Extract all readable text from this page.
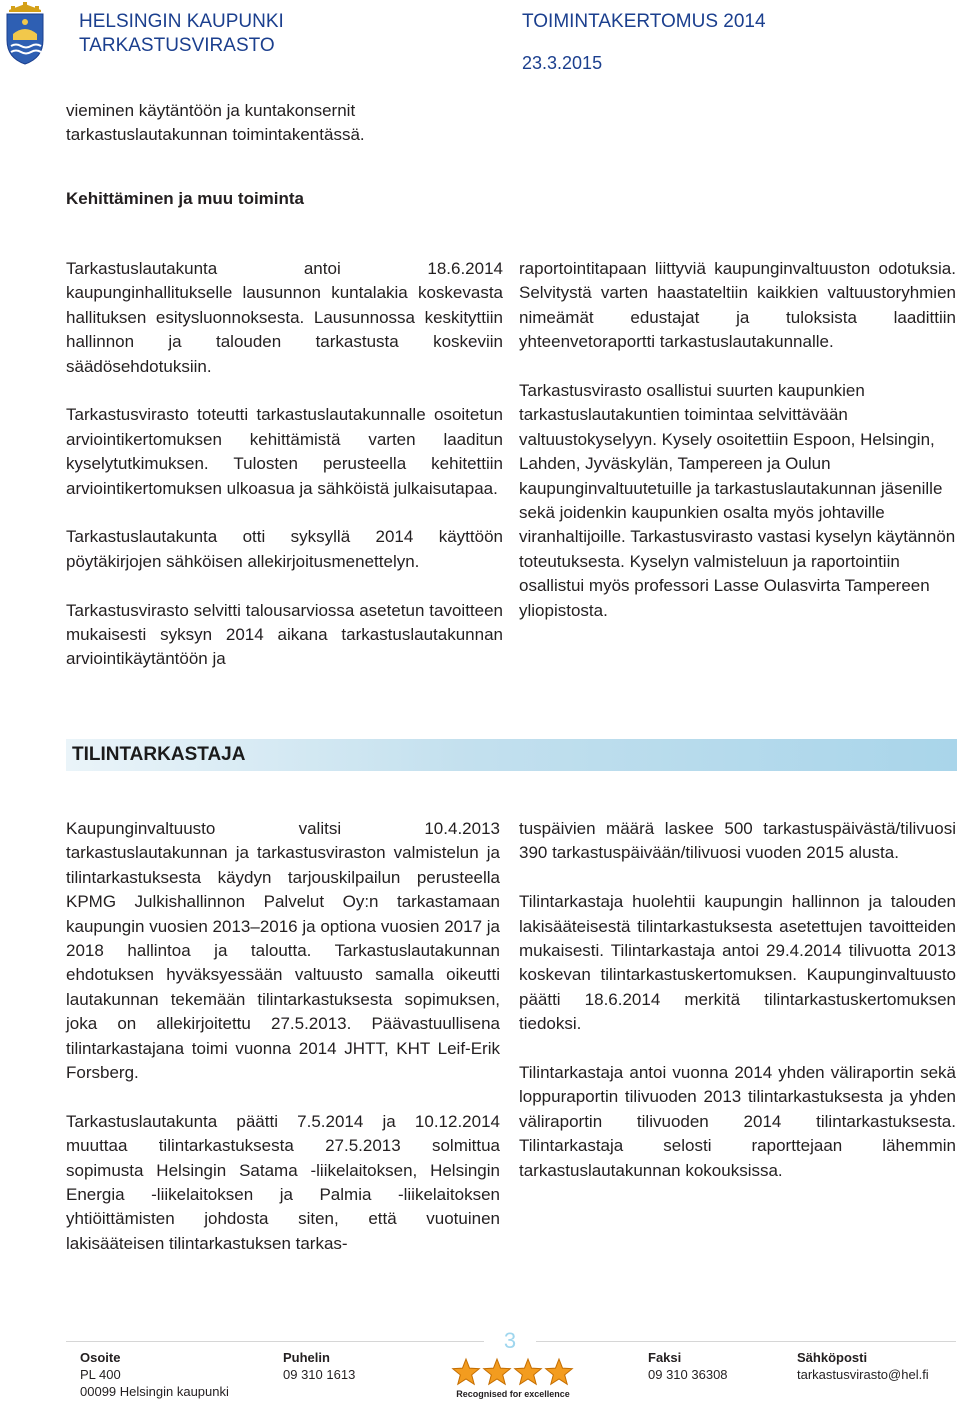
HELSINGIN KAUPUNKI
TARKASTUSVIRASTO
TOIMINTAKERTOMUS 2014
23.3.2015

vieminen käytäntöön ja kuntakonsernit tarkastuslautakunnan toimintakentässä.

Kehittäminen ja muu toiminta

Tarkastuslautakunta antoi 18.6.2014 kaupunginhallitukselle lausunnon kuntalakia koskevasta hallituksen esitysluonnoksesta. Lausunnossa keskityttiin hallinnon ja talouden tarkastusta koskeviin säädösehdotuksiin.

Tarkastusvirasto toteutti tarkastuslautakunnalle osoitetun arviointikertomuksen kehittämistä varten laaditun kyselytutkimuksen. Tulosten perusteella kehitettiin arviointikertomuksen ulkoasua ja sähköistä julkaisutapaa.

Tarkastuslautakunta otti syksyllä 2014 käyttöön pöytäkirjojen sähköisen allekirjoitusmenettelyn.

Tarkastusvirasto selvitti talousarviossa asetetun tavoitteen mukaisesti syksyn 2014 aikana tarkastuslautakunnan arviointikäytäntöön ja

raportointitapaan liittyviä kaupunginvaltuuston odotuksia. Selvitystä varten haastateltiin kaikkien valtuustoryhmien nimeämät edustajat ja tuloksista laadittiin yhteenvetoraportti tarkastuslautakunnalle.

Tarkastusvirasto osallistui suurten kaupunkien tarkastuslautakuntien toimintaa selvittävään valtuustokyselyyn. Kysely osoitettiin Espoon, Helsingin, Lahden, Jyväskylän, Tampereen ja Oulun kaupunginvaltuutetuille ja tarkastuslautakunnan jäsenille sekä joidenkin kaupunkien osalta myös johtaville viranhaltijoille. Tarkastusvirasto vastasi kyselyn käytännön toteutuksesta. Kyselyn valmisteluun ja raportointiin osallistui myös professori Lasse Oulasvirta Tampereen yliopistosta.

TILINTARKASTAJA

Kaupunginvaltuusto valitsi 10.4.2013 tarkastuslautakunnan ja tarkastusviraston valmistelun ja tilintarkastuksesta käydyn tarjouskilpailun perusteella KPMG Julkishallinnon Palvelut Oy:n tarkastamaan kaupungin vuosien 2013–2016 ja optiona vuosien 2017 ja 2018 hallintoa ja taloutta. Tarkastuslautakunnan ehdotuksen hyväksyessään valtuusto samalla oikeutti lautakunnan tekemään tilintarkastuksesta sopimuksen, joka on allekirjoitettu 27.5.2013. Päävastuullisena tilintarkastajana toimi vuonna 2014 JHTT, KHT Leif-Erik Forsberg.

Tarkastuslautakunta päätti 7.5.2014 ja 10.12.2014 muuttaa tilintarkastuksesta 27.5.2013 solmittua sopimusta Helsingin Satama -liikelaitoksen, Helsingin Energia -liikelaitoksen ja Palmia -liikelaitoksen yhtiöittämisten johdosta siten, että vuotuinen lakisääteisen tilintarkastuksen tarkas-

tuspäivien määrä laskee 500 tarkastuspäivästä/tilivuosi 390 tarkastuspäivään/tilivuosi vuoden 2015 alusta.

Tilintarkastaja huolehtii kaupungin hallinnon ja talouden lakisääteisestä tilintarkastuksesta asetettujen tavoitteiden mukaisesti. Tilintarkastaja antoi 29.4.2014 tilivuotta 2013 koskevan tilintarkastuskertomuksen. Kaupunginvaltuusto päätti 18.6.2014 merkitä tilintarkastuskertomuksen tiedoksi.

Tilintarkastaja antoi vuonna 2014 yhden väliraportin sekä loppuraportin tilivuoden 2013 tilintarkastuksesta ja yhden väliraportin tilivuoden 2014 tilintarkastuksesta. Tilintarkastaja selosti raporttejaan lähemmin tarkastuslautakunnan kokouksissa.

3
Osoite
PL 400
00099 Helsingin kaupunki
Puhelin
09 310 1613
Faksi
09 310 36308
Sähköposti
tarkastusvirasto@hel.fi
Recognised for excellence
